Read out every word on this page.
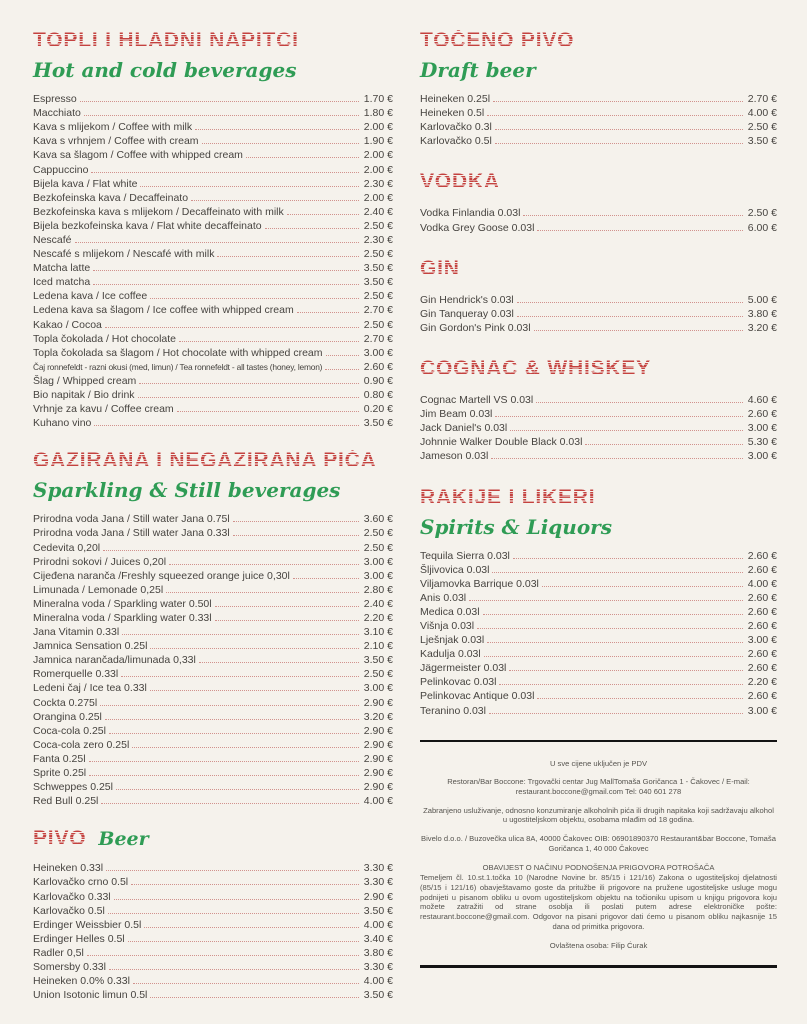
TOPLI I HLADNI NAPITCI
Hot and cold beverages
Espresso	1.70 €
Macchiato	1.80 €
Kava s mlijekom / Coffee with milk	2.00 €
Kava s vrhnjem / Coffee with cream	1.90 €
Kava sa šlagom / Coffee with whipped cream	2.00 €
Cappuccino	2.00 €
Bijela kava / Flat white	2.30 €
Bezkofeinska kava / Decaffeinato	2.00 €
Bezkofeinska kava s mlijekom / Decaffeinato with milk	2.40 €
Bijela bezkofeinska kava / Flat white decaffeinato	2.50 €
Nescafé	2.30 €
Nescafé s mlijekom / Nescafé with milk	2.50 €
Matcha latte	3.50 €
Iced matcha	3.50 €
Ledena kava / Ice coffee	2.50 €
Ledena kava sa šlagom / Ice coffee with whipped cream	2.70 €
Kakao / Cocoa	2.50 €
Topla čokolada / Hot chocolate	2.70 €
Topla čokolada sa šlagom / Hot chocolate with whipped cream	3.00 €
Čaj ronnefeldt - razni okusi (med, limun) / Tea ronnefeldt - all tastes (honey, lemon)	2.60 €
Šlag / Whipped cream	0.90 €
Bio napitak / Bio drink	0.80 €
Vrhnje za kavu / Coffee cream	0.20 €
Kuhano vino	3.50 €
GAZIRANA I NEGAZIRANA PIĆA
Sparkling & Still beverages
Prirodna voda Jana / Still water Jana 0.75l	3.60 €
Prirodna voda Jana / Still water Jana 0.33l	2.50 €
Cedevita 0,20l	2.50 €
Prirodni sokovi / Juices 0,20l	3.00 €
Cijeđena naranča /Freshly squeezed orange juice 0,30l	3.00 €
Limunada / Lemonade 0,25l	2.80 €
Mineralna voda / Sparkling water 0.50l	2.40 €
Mineralna voda / Sparkling water 0.33l	2.20 €
Jana Vitamin 0.33l	3.10 €
Jamnica Sensation 0.25l	2.10 €
Jamnica narančada/limunada 0,33l	3.50 €
Romerquelle 0.33l	2.50 €
Ledeni čaj / Ice tea 0.33l	3.00 €
Cockta 0.275l	2.90 €
Orangina 0.25l	3.20 €
Coca-cola 0.25l	2.90 €
Coca-cola zero 0.25l	2.90 €
Fanta 0.25l	2.90 €
Sprite 0.25l	2.90 €
Schweppes 0.25l	2.90 €
Red Bull 0.25l	4.00 €
PIVO Beer
Heineken 0.33l	3.30 €
Karlovačko crno 0.5l	3.30 €
Karlovačko 0.33l	2.90 €
Karlovačko 0.5l	3.50 €
Erdinger Weissbier 0.5l	4.00 €
Erdinger Helles 0.5l	3.40 €
Radler 0,5l	3.80 €
Somersby 0.33l	3.30 €
Heineken 0.0% 0.33l	4.00 €
Union Isotonic limun 0.5l	3.50 €
TOČENO PIVO
Draft beer
Heineken 0.25l	2.70 €
Heineken 0.5l	4.00 €
Karlovačko 0.3l	2.50 €
Karlovačko 0.5l	3.50 €
VODKA
Vodka Finlandia 0.03l	2.50 €
Vodka Grey Goose 0.03l	6.00 €
GIN
Gin Hendrick's 0.03l	5.00 €
Gin Tanqueray 0.03l	3.80 €
Gin Gordon's Pink 0.03l	3.20 €
COGNAC & WHISKEY
Cognac Martell VS 0.03l	4.60 €
Jim Beam 0.03l	2.60 €
Jack Daniel's 0.03l	3.00 €
Johnnie Walker Double Black 0.03l	5.30 €
Jameson 0.03l	3.00 €
RAKIJE I LIKERI
Spirits & Liquors
Tequila Sierra 0.03l	2.60 €
Šljivovica 0.03l	2.60 €
Viljamovka Barrique 0.03l	4.00 €
Anis 0.03l	2.60 €
Medica 0.03l	2.60 €
Višnja 0.03l	2.60 €
Lješnjak 0.03l	3.00 €
Kadulja 0.03l	2.60 €
Jägermeister 0.03l	2.60 €
Pelinkovac 0.03l	2.20 €
Pelinkovac Antique 0.03l	2.60 €
Teranino 0.03l	3.00 €

U sve cijene uključen je PDV

Restoran/Bar Boccone: Trgovački centar Jug MallTomaša Goričanca 1 - Čakovec / E-mail: restaurant.boccone@gmail.com Tel: 040 601 278

Zabranjeno usluživanje, odnosno konzumiranje alkoholnih pića ili drugih napitaka koji sadržavaju alkohol u ugostiteljskom objektu, osobama mlađim od 18 godina.

Bivelo d.o.o. / Buzovečka ulica 8A, 40000 Čakovec OIB: 06901890370 Restaurant&bar Boccone, Tomaša Goričanca 1, 40 000 Čakovec

OBAVIJEST O NAČINU PODNOŠENJA PRIGOVORA POTROŠAČA

Temeljem čl. 10.st.1.točka 10 (Narodne Novine br. 85/15 i 121/16) Zakona o ugostiteljskoj djelatnosti (85/15 i 121/16) obavještavamo goste da pritužbe ili prigovore na pružene ugostiteljske usluge mogu podnijeti u pisanom obliku u ovom ugostiteljskom objektu na točioniku upisom u knjigu prigovora koju možete zatražiti od strane osoblja ili poslati putem adrese elektroničke pošte: restaurant.boccone@gmail.com. Odgovor na pisani prigovor dati ćemo u pisanom obliku najkasnije 15 dana od primitka prigovora.

Ovlaštena osoba: Filip Ćurak
